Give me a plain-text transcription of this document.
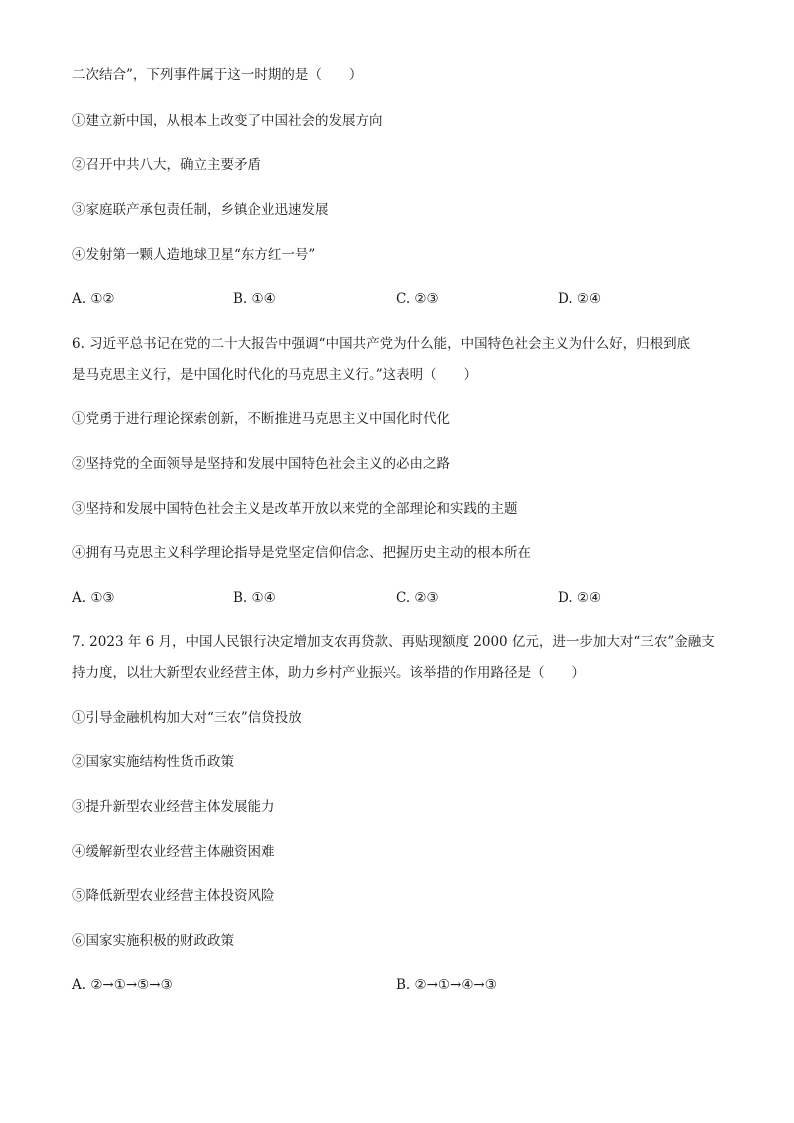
二次结合”，下列事件属于这一时期的是（　　）
①建立新中国，从根本上改变了中国社会的发展方向
②召开中共八大，确立主要矛盾
③家庭联产承包责任制，乡镇企业迅速发展
④发射第一颗人造地球卫星“东方红一号”
A. ①②	B. ①④	C. ②③	D. ②④
6. 习近平总书记在党的二十大报告中强调“中国共产党为什么能，中国特色社会主义为什么好，归根到底
是马克思主义行，是中国化时代化的马克思主义行。”这表明（　　）
①党勇于进行理论探索创新，不断推进马克思主义中国化时代化
②坚持党的全面领导是坚持和发展中国特色社会主义的必由之路
③坚持和发展中国特色社会主义是改革开放以来党的全部理论和实践的主题
④拥有马克思主义科学理论指导是党坚定信仰信念、把握历史主动的根本所在
A. ①③	B. ①④	C. ②③	D. ②④
7. 2023 年 6 月，中国人民银行决定增加支农再贷款、再贴现额度 2000 亿元，进一步加大对“三农”金融支
持力度，以壮大新型农业经营主体，助力乡村产业振兴。该举措的作用路径是（　　）
①引导金融机构加大对“三农”信贷投放
②国家实施结构性货币政策
③提升新型农业经营主体发展能力
④缓解新型农业经营主体融资困难
⑤降低新型农业经营主体投资风险
⑥国家实施积极的财政政策
A. ②→①→⑤→③	B. ②→①→④→③
